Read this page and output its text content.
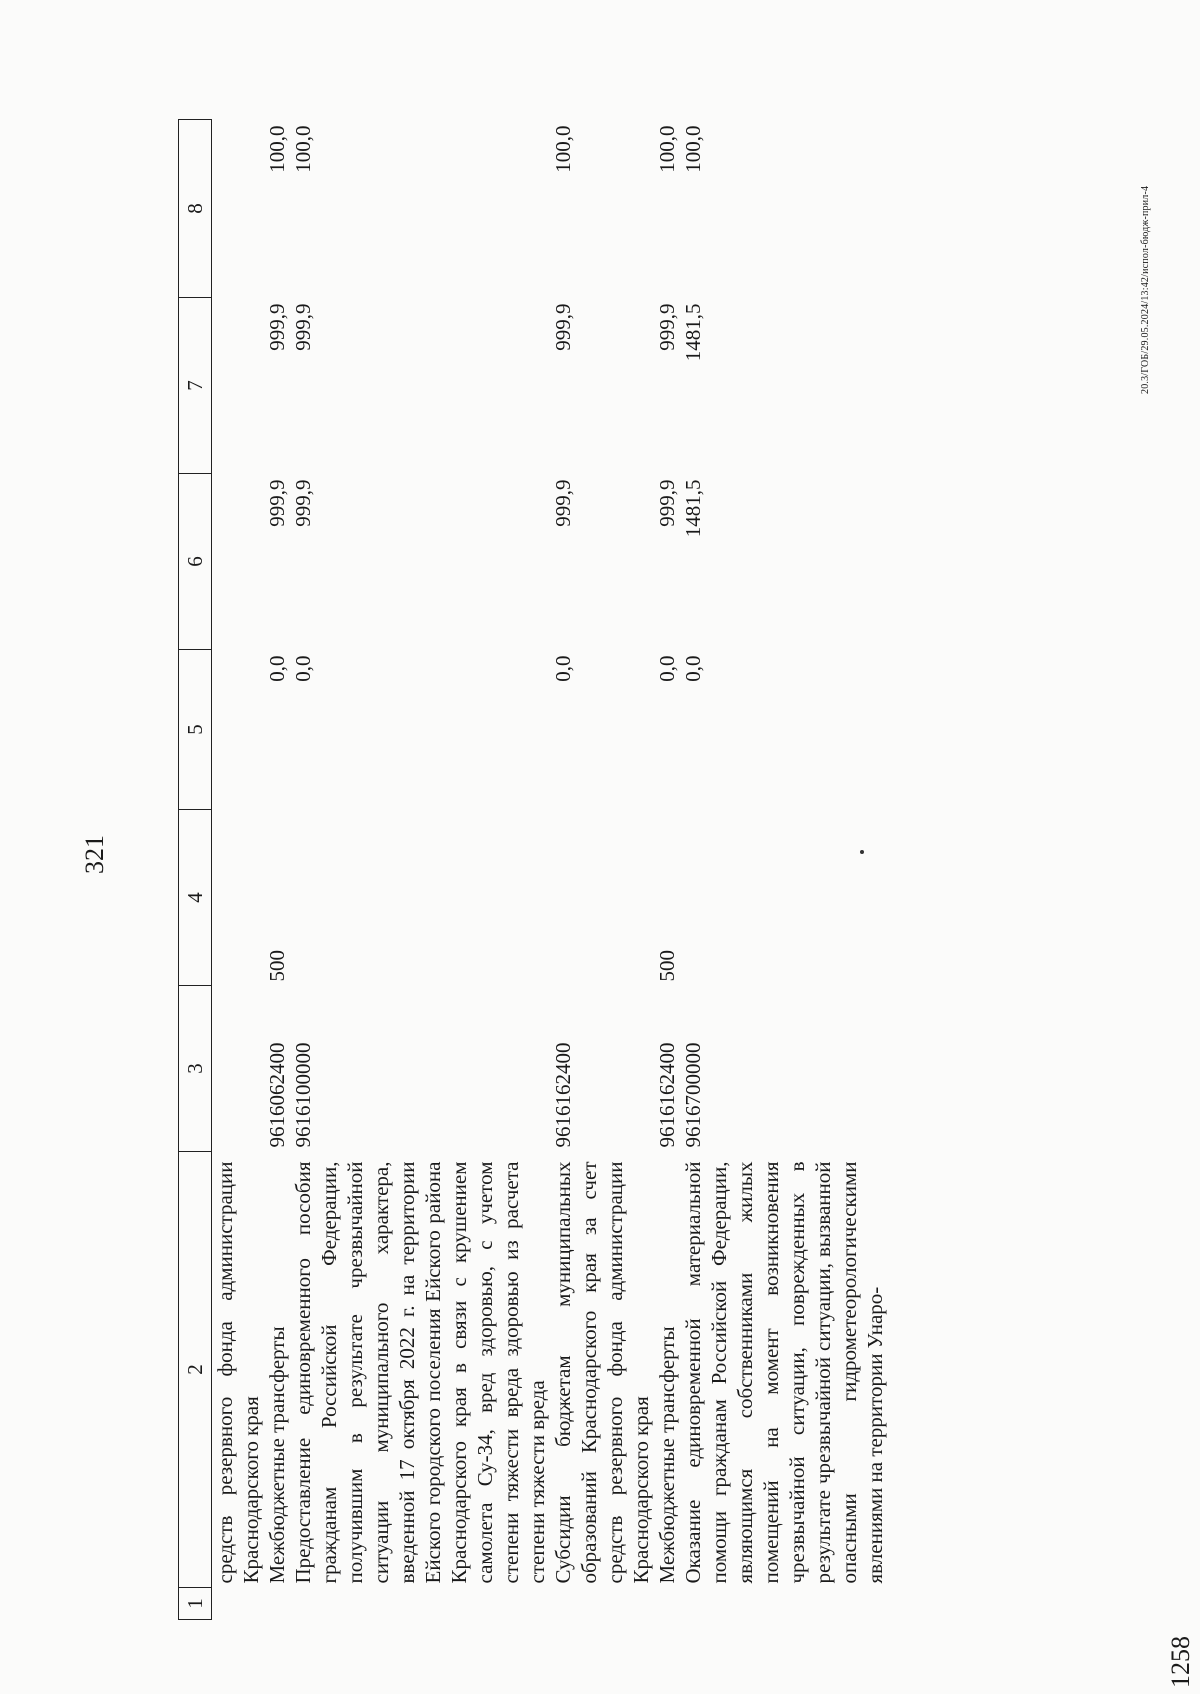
321
1	2	3	4	5	6	7	8
	средств резервного фонда администрации Краснодарского края						
	Межбюджетные трансферты	9616062400	500	0,0	999,9	999,9	100,0
	Предоставление единовременного пособия гражданам Российской Федерации, получившим в результате чрезвычайной ситуации муниципального характера, введенной 17 октября 2022 г. на территории Ейского городского поселения Ейского района Краснодарского края в связи с крушением самолета Су-34, вред здоровью, с учетом степени тяжести вреда здоровью из расчета степени тяжести вреда	9616100000		0,0	999,9	999,9	100,0
	Субсидии бюджетам муниципальных образований Краснодарского края за счет средств резервного фонда администрации Краснодарского края	9616162400		0,0	999,9	999,9	100,0
	Межбюджетные трансферты	9616162400	500	0,0	999,9	999,9	100,0
	Оказание единовременной материальной помощи гражданам Российской Федерации, являющимся собственниками жилых помещений на момент возникновения чрезвычайной ситуации, поврежденных в результате чрезвычайной ситуации, вызванной опасными гидрометеорологическими явлениями на территории Унаро-	9616700000		0,0	1481,5	1481,5	100,0
20.3/ГОБ/29.05.2024/13:42/испол-бюдж-прил-4
1258
